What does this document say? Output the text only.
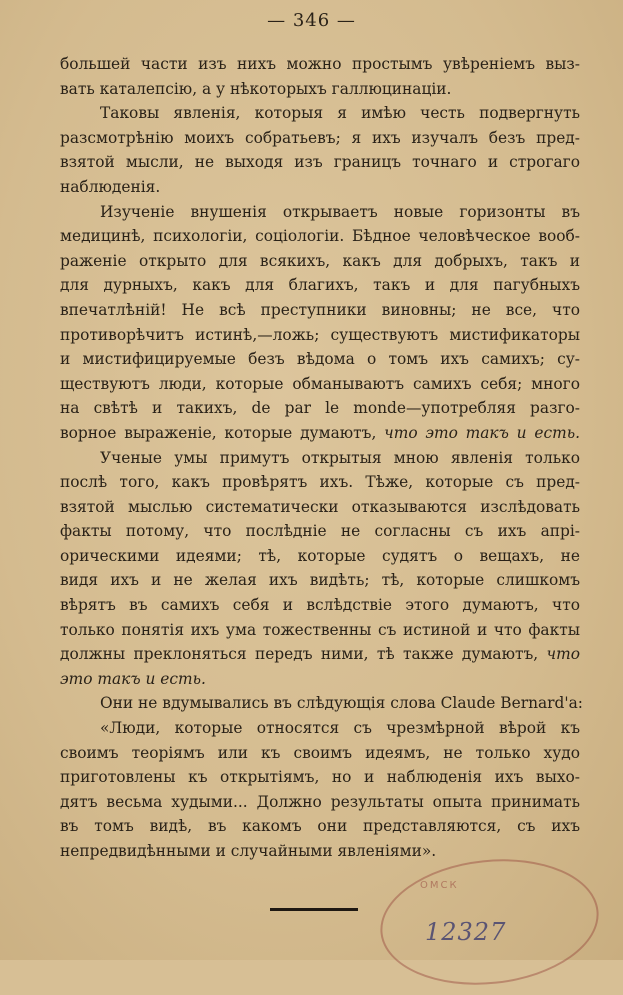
— 346 —
большей части изъ нихъ можно простымъ увѣреніемъ выз-
вать каталепсію, а у нѣкоторыхъ галлюцинаціи.
Таковы явленія, которыя я имѣю честь подвергнуть
разсмотрѣнію моихъ собратьевъ; я ихъ изучалъ безъ пред-
взятой мысли, не выходя изъ границъ точнаго и строгаго
наблюденія.
Изученіе внушенія открываетъ новые горизонты въ
медицинѣ, психологіи, соціологіи. Бѣдное человѣческое вооб-
раженіе открыто для всякихъ, какъ для добрыхъ, такъ и
для дурныхъ, какъ для благихъ, такъ и для пагубныхъ
впечатлѣній! Не всѣ преступники виновны; не все, что
противорѣчитъ истинѣ,—ложь; существуютъ мистификаторы
и мистифицируемые безъ вѣдома о томъ ихъ самихъ; су-
ществуютъ люди, которые обманываютъ самихъ себя; много
на свѣтѣ и такихъ, de par le monde—употребляя разго-
ворное выраженіе, которые думаютъ, что это такъ и есть.
Ученые умы примутъ открытыя мною явленія только
послѣ того, какъ провѣрятъ ихъ. Тѣже, которые съ пред-
взятой мыслью систематически отказываются изслѣдовать
факты потому, что послѣдніе не согласны съ ихъ апрі-
орическими идеями; тѣ, которые судятъ о вещахъ, не
видя ихъ и не желая ихъ видѣть; тѣ, которые слишкомъ
вѣрятъ въ самихъ себя и вслѣдствіе этого думаютъ, что
только понятія ихъ ума тожественны съ истиной и что факты
должны преклоняться передъ ними, тѣ также думаютъ, что
это такъ и есть.
Они не вдумывались въ слѣдующія слова Claude Bernard'а:
«Люди, которые относятся съ чрезмѣрной вѣрой къ
своимъ теоріямъ или къ своимъ идеямъ, не только худо
приготовлены къ открытіямъ, но и наблюденія ихъ выхо-
дятъ весьма худыми... Должно результаты опыта принимать
въ томъ видѣ, въ какомъ они представляются, съ ихъ
непредвидѣнными и случайными явленіями».
ОМСК
12327
